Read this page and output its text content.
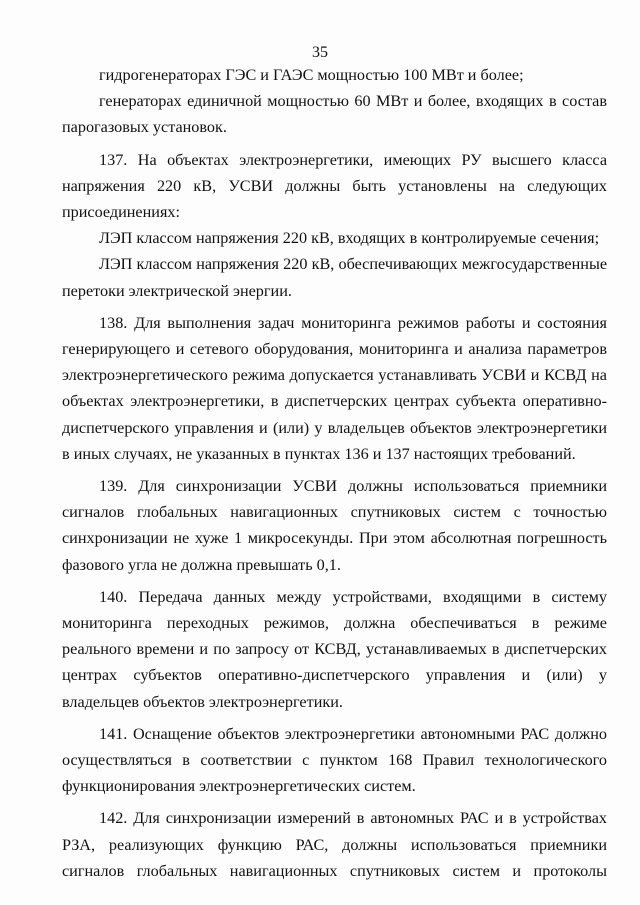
35

гидрогенераторах ГЭС и ГАЭС мощностью 100 МВт и более;

генераторах единичной мощностью 60 МВт и более, входящих в состав парогазовых установок.

137. На объектах электроэнергетики, имеющих РУ высшего класса напряжения 220 кВ, УСВИ должны быть установлены на следующих присоединениях:

ЛЭП классом напряжения 220 кВ, входящих в контролируемые сечения;

ЛЭП классом напряжения 220 кВ, обеспечивающих межгосударственные перетоки электрической энергии.

138. Для выполнения задач мониторинга режимов работы и состояния генерирующего и сетевого оборудования, мониторинга и анализа параметров электроэнергетического режима допускается устанавливать УСВИ и КСВД на объектах электроэнергетики, в диспетчерских центрах субъекта оперативно-диспетчерского управления и (или) у владельцев объектов электроэнергетики в иных случаях, не указанных в пунктах 136 и 137 настоящих требований.

139. Для синхронизации УСВИ должны использоваться приемники сигналов глобальных навигационных спутниковых систем с точностью синхронизации не хуже 1 микросекунды. При этом абсолютная погрешность фазового угла не должна превышать 0,1.

140. Передача данных между устройствами, входящими в систему мониторинга переходных режимов, должна обеспечиваться в режиме реального времени и по запросу от КСВД, устанавливаемых в диспетчерских центрах субъектов оперативно-диспетчерского управления и (или) у владельцев объектов электроэнергетики.

141. Оснащение объектов электроэнергетики автономными РАС должно осуществляться в соответствии с пунктом 168 Правил технологического функционирования электроэнергетических систем.

142. Для синхронизации измерений в автономных РАС и в устройствах РЗА, реализующих функцию РАС, должны использоваться приемники сигналов глобальных навигационных спутниковых систем и протоколы
